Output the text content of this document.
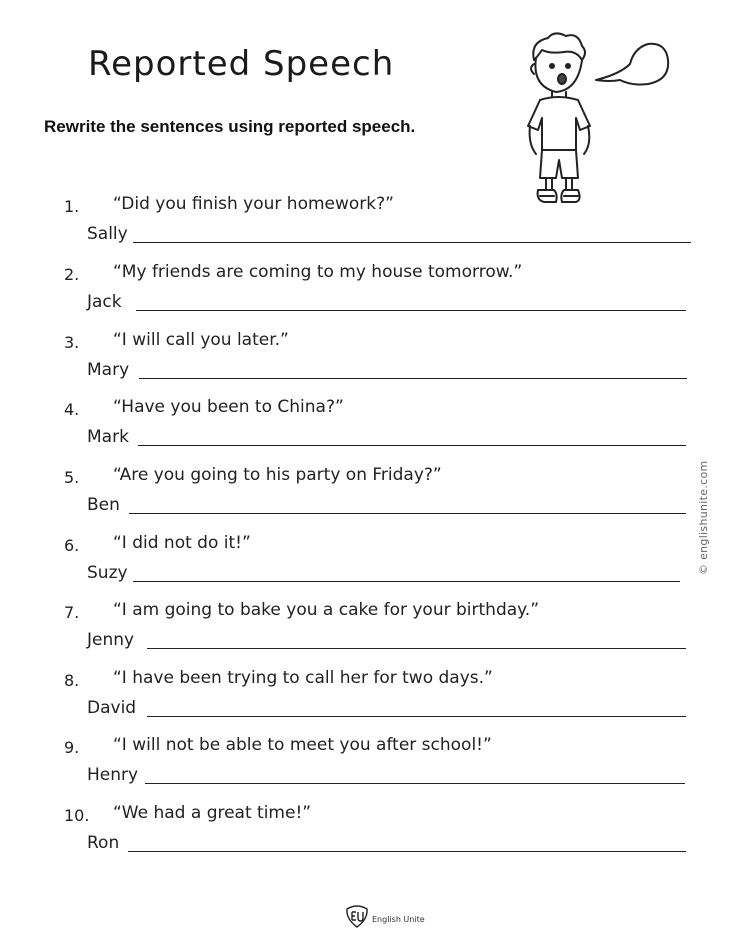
Reported Speech
Rewrite the sentences using reported speech.
1. “Did you finish your homework?”
Sally
2. “My friends are coming to my house tomorrow.”
Jack
3. “I will call you later.”
Mary
4. “Have you been to China?”
Mark
5. “Are you going to his party on Friday?”
Ben
6. “I did not do it!”
Suzy
7. “I am going to bake you a cake for your birthday.”
Jenny
8. “I have been trying to call her for two days.”
David
9. “I will not be able to meet you after school!”
Henry
10. “We had a great time!”
Ron
© englishunite.com
English Unite
